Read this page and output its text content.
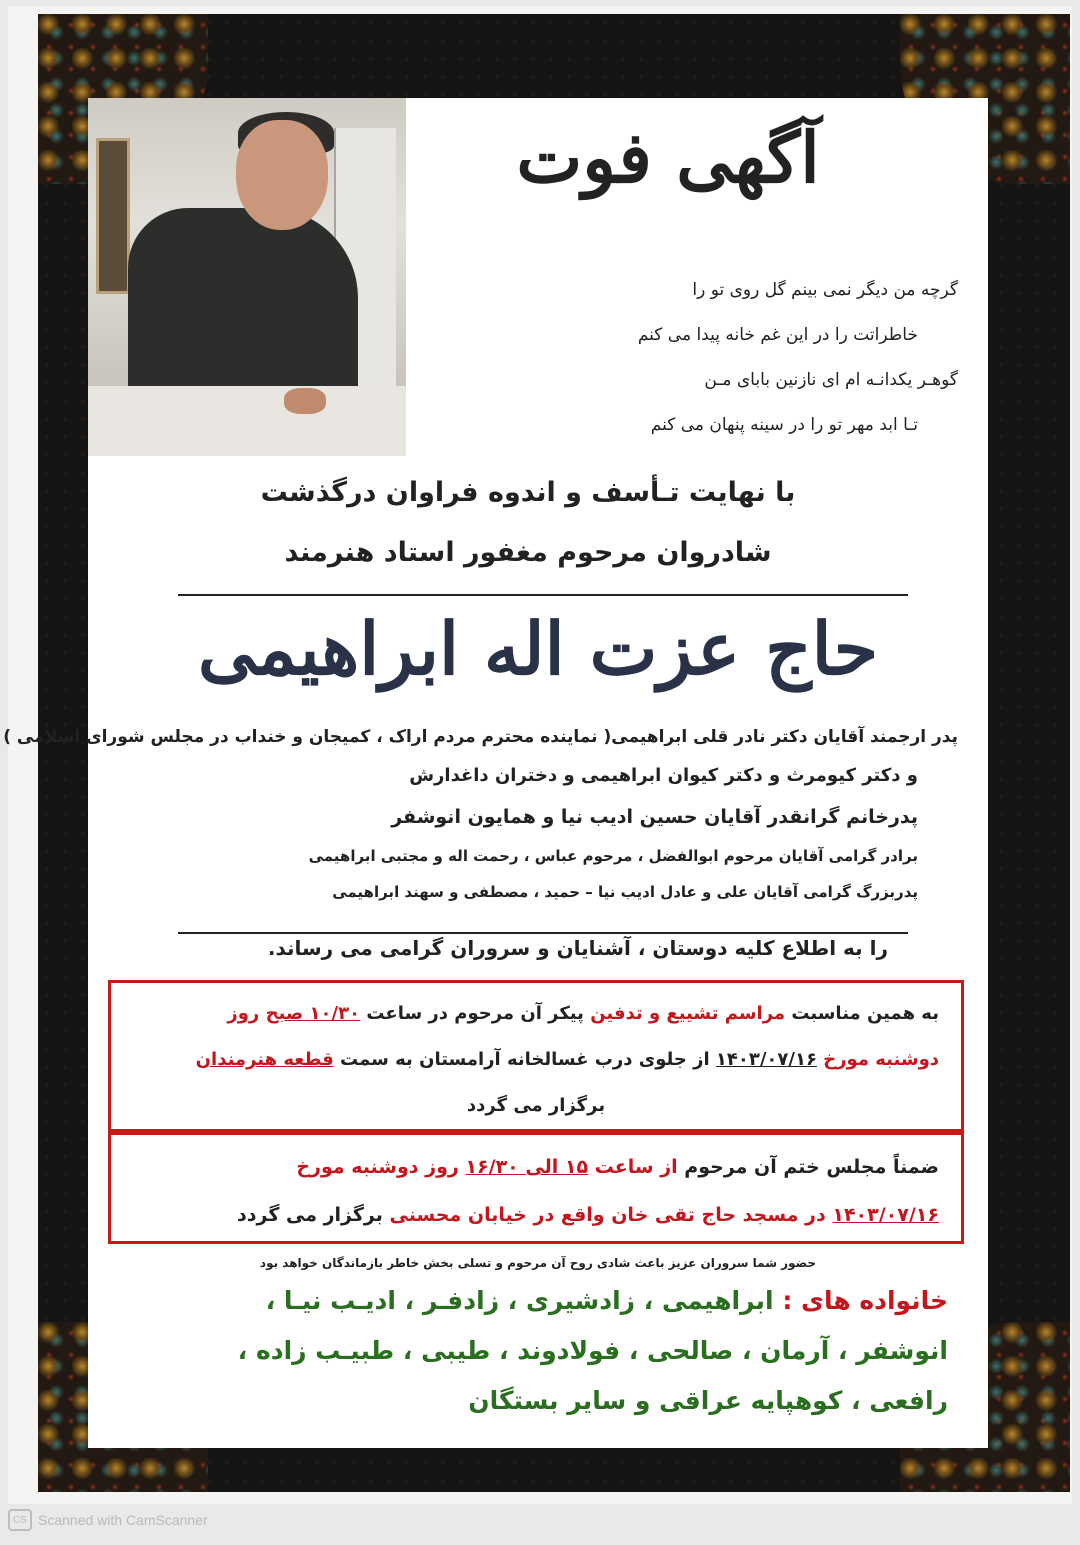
آگهی فوت
گرچه من دیگر نمی بینم گل روی تو را
خاطراتت را در این غم خانه پیدا می کنم
گوهـر یکدانـه ام ای نازنین بابای مـن
تـا ابد مهر تو را در سینه پنهان می کنم
با نهایت تـأسف و اندوه فراوان درگذشت
شادروان مرحوم مغفور استاد هنرمند
حاج عزت اله ابراهیمی
پدر ارجمند آقایان دکتر نادر قلی ابراهیمی( نماینده محترم مردم اراک ، کمیجان و خنداب در مجلس شورای اسلامی )
و دکتر کیومرث و دکتر کیوان ابراهیمی و دختران داغدارش
پدرخانم گرانقدر آقایان حسین ادیب نیا و همایون انوشفر
برادر گرامی آقایان مرحوم ابوالفضل ، مرحوم عباس ، رحمت اله و مجتبی ابراهیمی
پدربزرگ گرامی آقایان علی و عادل ادیب نیا – حمید ، مصطفی و سهند ابراهیمی
را به اطلاع کلیه دوستان ، آشنایان و سروران گرامی می رساند.
به همین مناسبت مراسم تشییع و تدفین پیکر آن مرحوم در ساعت ۱۰/۳۰ صبح روز
دوشنبه مورخ ۱۴۰۳/۰۷/۱۶ از جلوی درب غسالخانه آرامستان به سمت قطعه هنرمندان
برگزار می گردد
ضمناً مجلس ختم آن مرحوم از ساعت ۱۵ الی ۱۶/۳۰ روز دوشنبه مورخ
۱۴۰۳/۰۷/۱۶ در مسجد حاج تقی خان واقع در خیابان محسنی برگزار می گردد
حضور شما سروران عزیز باعث شادی روح آن مرحوم و تسلی بخش خاطر بازماندگان خواهد بود
خانواده های : ابراهیمی ، زادشیری ، زادفـر ، ادیـب نیـا ،
انوشفر ، آرمان ، صالحی ، فولادوند ، طیبی ، طبیـب زاده ،
رافعی ، کوهپایه عراقی و سایر بستگان
CS Scanned with CamScanner
